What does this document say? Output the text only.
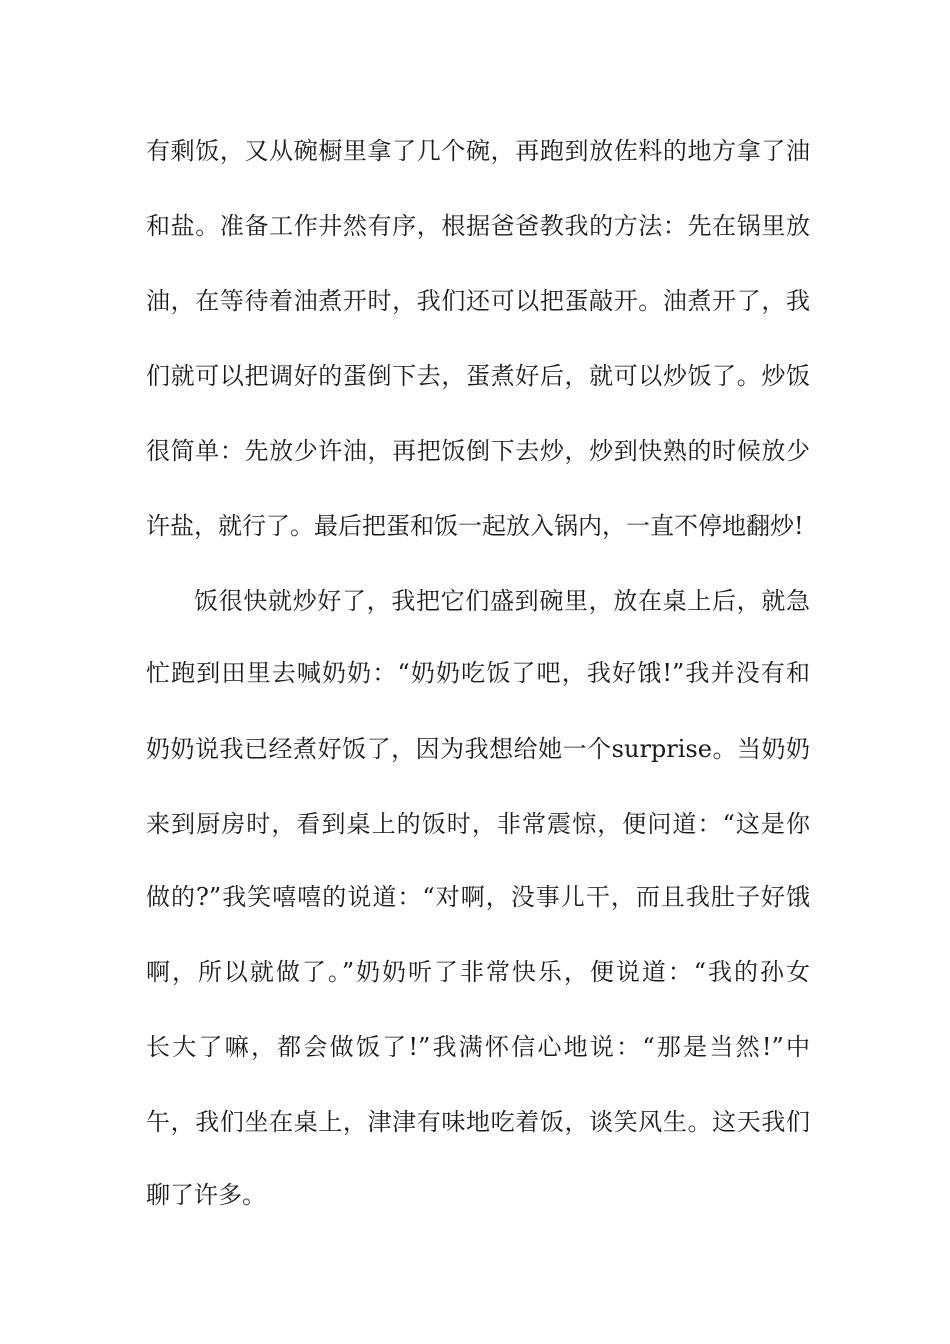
有剩饭，又从碗橱里拿了几个碗，再跑到放佐料的地方拿了油
和盐。准备工作井然有序，根据爸爸教我的方法：先在锅里放
油，在等待着油煮开时，我们还可以把蛋敲开。油煮开了，我
们就可以把调好的蛋倒下去，蛋煮好后，就可以炒饭了。炒饭
很简单：先放少许油，再把饭倒下去炒，炒到快熟的时候放少
许盐，就行了。最后把蛋和饭一起放入锅内，一直不停地翻炒!
饭很快就炒好了，我把它们盛到碗里，放在桌上后，就急
忙跑到田里去喊奶奶：“奶奶吃饭了吧，我好饿!”我并没有和
奶奶说我已经煮好饭了，因为我想给她一个surprise。当奶奶
来到厨房时，看到桌上的饭时，非常震惊，便问道：“这是你
做的?”我笑嘻嘻的说道：“对啊，没事儿干，而且我肚子好饿
啊，所以就做了。”奶奶听了非常快乐，便说道：“我的孙女
长大了嘛，都会做饭了!”我满怀信心地说：“那是当然!”中
午，我们坐在桌上，津津有味地吃着饭，谈笑风生。这天我们
聊了许多。
